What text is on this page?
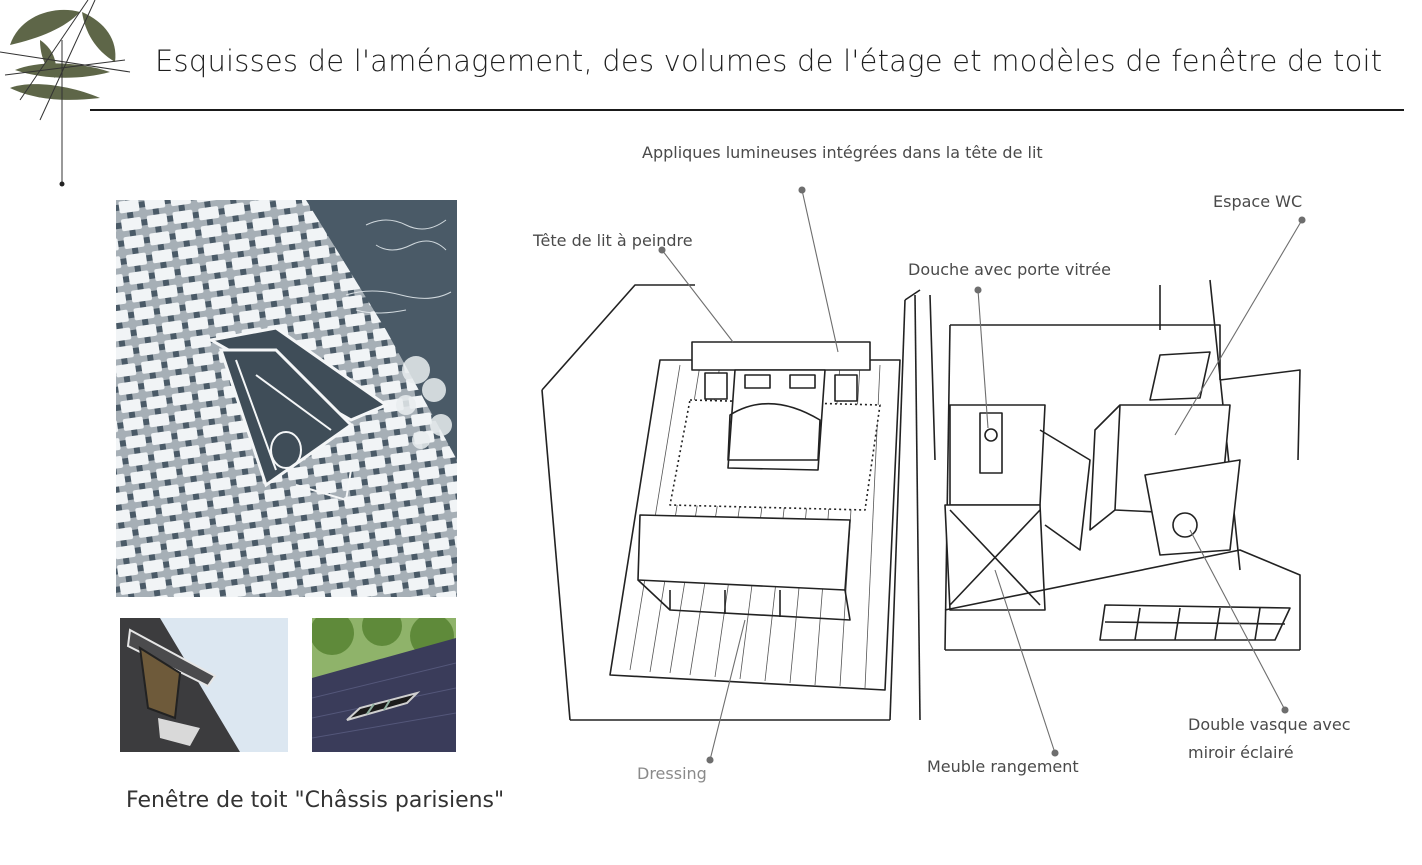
Esquisses de l'aménagement, des volumes de l'étage et modèles de fenêtre de toit
Fenêtre de toit "Châssis parisiens"
Appliques lumineuses intégrées dans la tête de lit
Tête de lit à peindre
Douche avec porte vitrée
Espace WC
Dressing	Meuble rangement
Double vasque avec
miroir éclairé
